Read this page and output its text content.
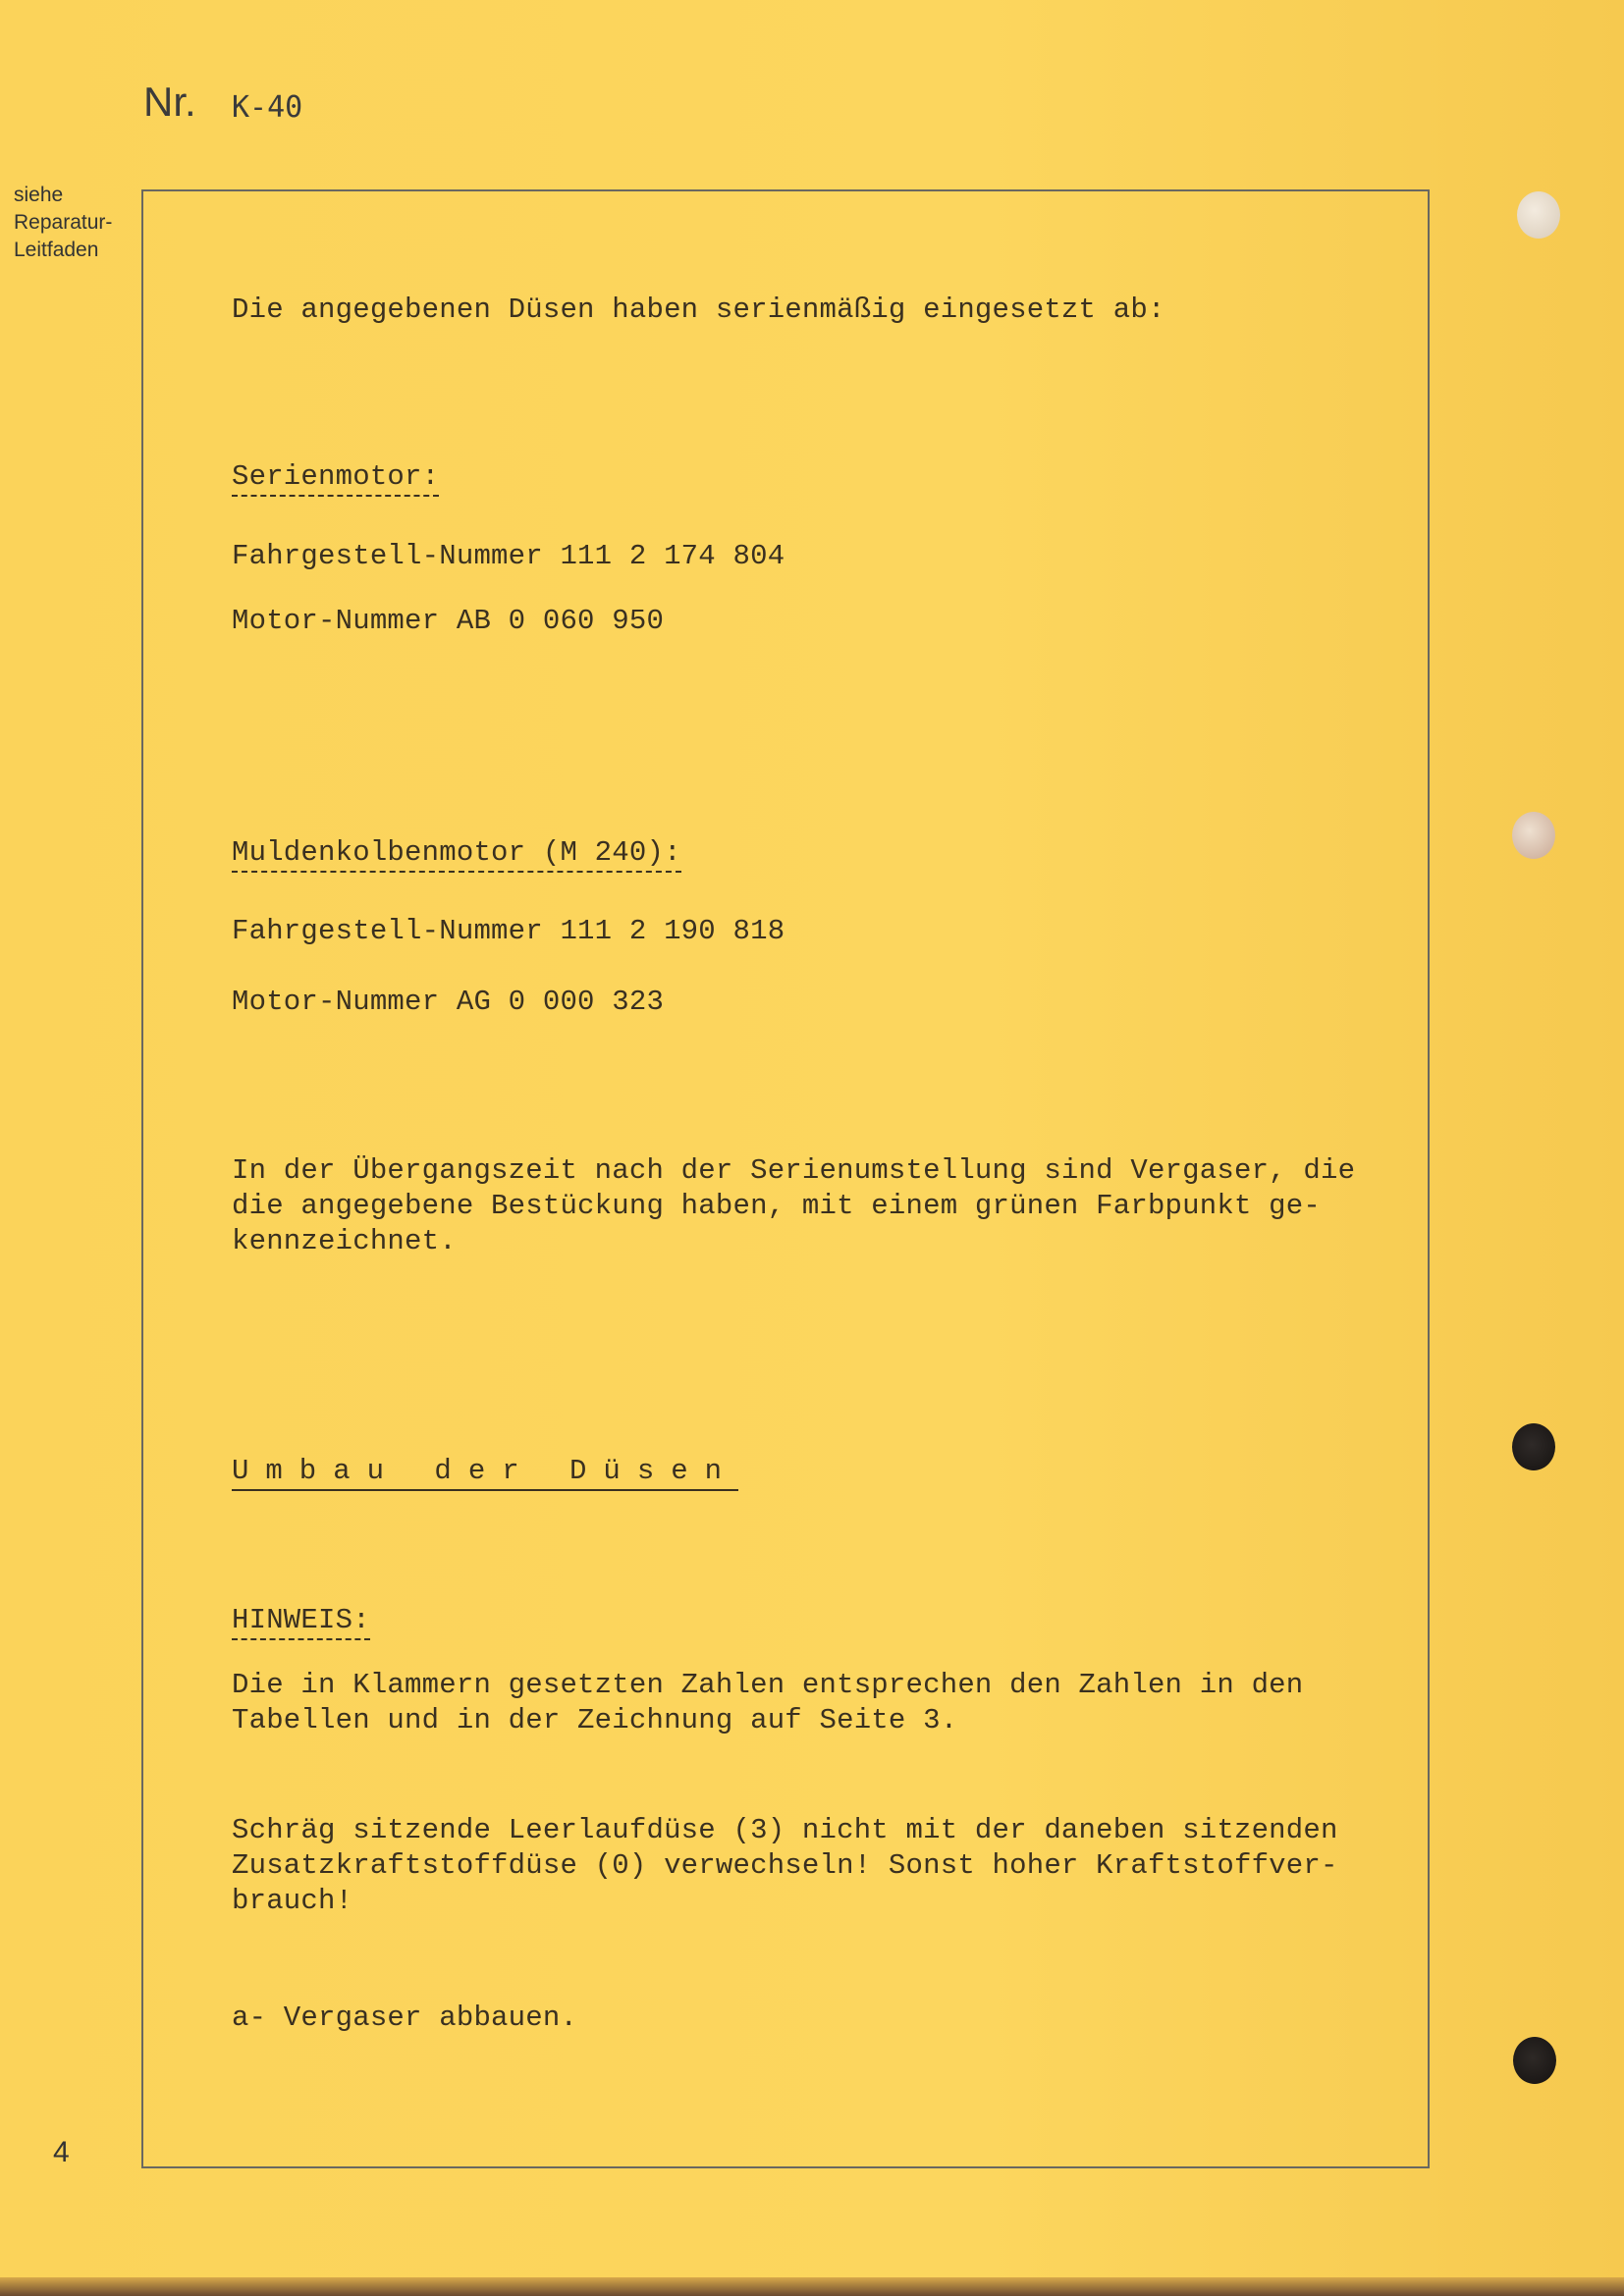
Nr. K-40
siehe
Reparatur-
Leitfaden
Die angegebenen Düsen haben serienmäßig eingesetzt ab:
Serienmotor:
Fahrgestell-Nummer 111 2 174 804
Motor-Nummer AB 0 060 950
Muldenkolbenmotor (M 240):
Fahrgestell-Nummer 111 2 190 818
Motor-Nummer AG 0 000 323
In der Übergangszeit nach der Serienumstellung sind Vergaser, die
die angegebene Bestückung haben, mit einem grünen Farbpunkt ge-
kennzeichnet.
Umbau der Düsen
HINWEIS:
Die in Klammern gesetzten Zahlen entsprechen den Zahlen in den
Tabellen und in der Zeichnung auf Seite 3.
Schräg sitzende Leerlaufdüse (3) nicht mit der daneben sitzenden
Zusatzkraftstoffdüse (0) verwechseln! Sonst hoher Kraftstoffver-
brauch!
a- Vergaser abbauen.
4
